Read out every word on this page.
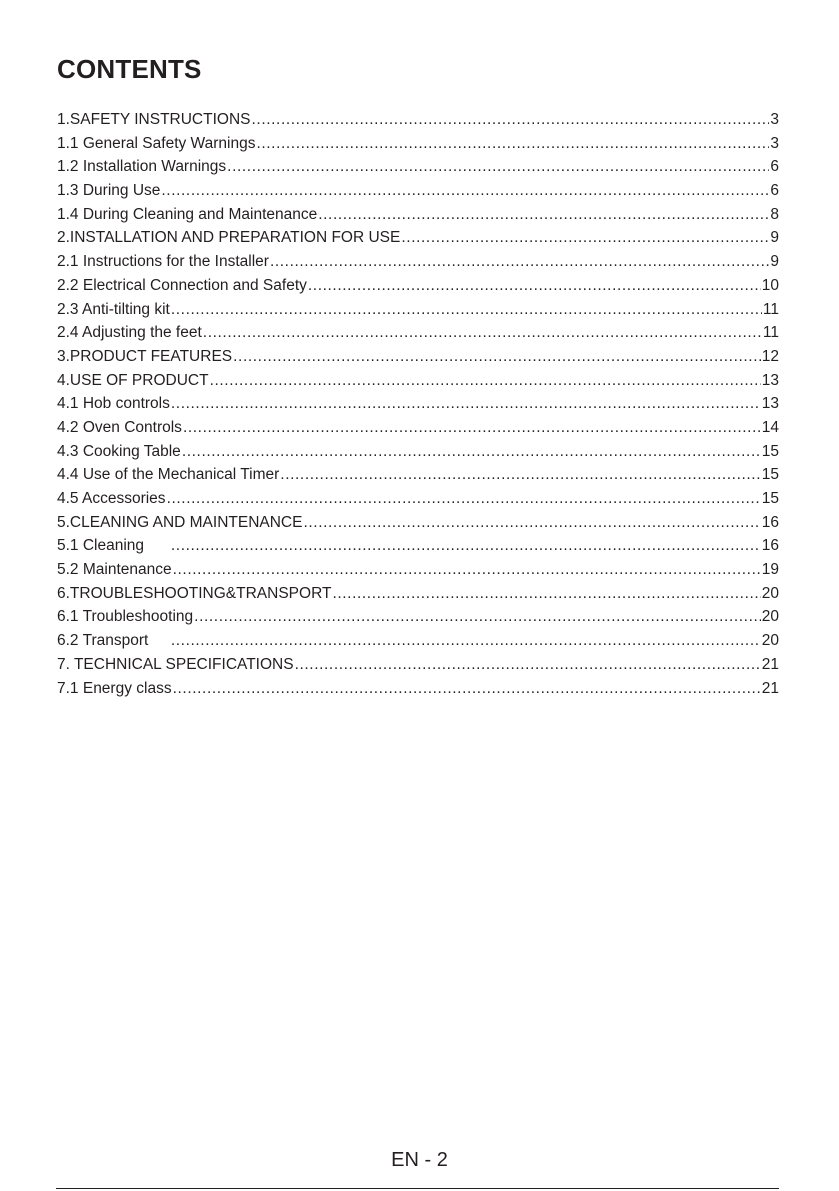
CONTENTS
1.SAFETY INSTRUCTIONS .....	3
1.1 General Safety Warnings .....	3
1.2 Installation Warnings .....	6
1.3 During Use .....	6
1.4 During Cleaning and Maintenance .....	8
2.INSTALLATION AND PREPARATION FOR USE .....	9
2.1 Instructions for the Installer .....	9
2.2 Electrical Connection and Safety .....	10
2.3 Anti-tilting kit .....	11
2.4 Adjusting the feet .....	11
3.PRODUCT FEATURES .....	12
4.USE OF PRODUCT .....	13
4.1 Hob controls .....	13
4.2 Oven Controls .....	14
4.3 Cooking Table .....	15
4.4 Use of the Mechanical Timer .....	15
4.5 Accessories .....	15
5.CLEANING AND MAINTENANCE .....	16
5.1 Cleaning .....	16
5.2 Maintenance .....	19
6.TROUBLESHOOTING&TRANSPORT .....	20
6.1 Troubleshooting .....	20
6.2 Transport .....	20
7. TECHNICAL SPECIFICATIONS .....	21
7.1 Energy class .....	21
EN - 2
